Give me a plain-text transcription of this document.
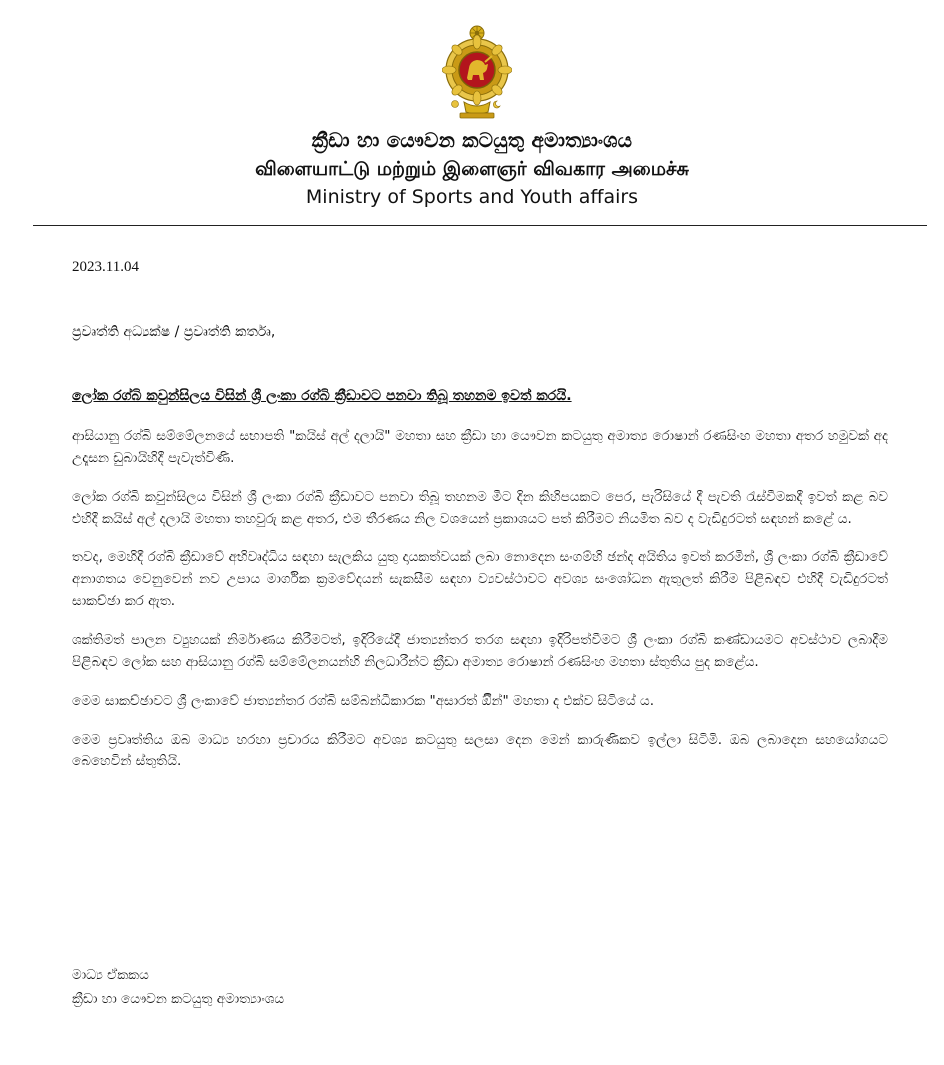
ක්‍රීඩා හා යෞවන කටයුතු අමාත්‍යාංශය
விளையாட்டு மற்றும் இளைஞர் விவகார அமைச்சு
Ministry of Sports and Youth affairs
2023.11.04
ප්‍රවෘත්ති අධ්‍යක්ෂ / ප්‍රවෘත්ති කර්තෘ,
ලෝක රග්බි කවුන්සිලය විසින් ශ්‍රී ලංකා රග්බි ක්‍රීඩාවට පනවා තිබූ තහනම ඉවත් කරයි.

ආසියානු රග්බි සම්මේලනයේ සභාපති "කයිස් අල් දලායි" මහතා සහ ක්‍රීඩා හා යෞවන කටයුතු අමාත්‍ය රොෂාන් රණසිංහ මහතා අතර හමුවක් අද උදෑසන ඩුබායිහිදී පැවැත්විණි.

ලෝක රග්බි කවුන්සිලය විසින් ශ්‍රී ලංකා රග්බි ක්‍රීඩාවට පනවා තිබූ තහනම මීට දින කිහිපයකට පෙර, පැරිසියේ දී පැවති රැස්වීමකදී ඉවත් කළ බව එහිදී කයිස් අල් දලායි මහතා තහවුරු කළ අතර, එම තීරණය නිල වශයෙන් ප්‍රකාශයට පත් කිරීමට නියමිත බව ද වැඩිදුරටත් සඳහන් කළේ ය.

තවද, මෙහිදී රග්බි ක්‍රීඩාවේ අභිවෘද්ධිය සඳහා සැලකිය යුතු දායකත්වයක් ලබා නොදෙන සංගම්හි ඡන්ද අයිතිය ඉවත් කරමින්, ශ්‍රී ලංකා රග්බි ක්‍රීඩාවේ අනාගතය වෙනුවෙන් නව උපාය මාර්ගික ක්‍රමවේදයන් සැකසීම සඳහා ව්‍යවස්ථාවට අවශ්‍ය සංශෝධන ඇතුලත් කිරීම පිළිබඳව එහිදී වැඩිදුරටත් සාකච්ඡා කර ඇත.

ශක්තිමත් පාලන ව්‍යුහයක් නිර්මාණය කිරීමටත්, ඉදිරියේදී ජාත්‍යන්තර තරග සඳහා ඉදිරිපත්වීමට ශ්‍රී ලංකා රග්බි කණ්ඩායමට අවස්ථාව ලබාදීම පිළිබඳව ලෝක සහ ආසියානු රග්බි සම්මේලනයන්හි නිලධාරීන්ට ක්‍රීඩා අමාත්‍ය රොෂාන් රණසිංහ මහතා ස්තුතිය පුද කළේය.

මෙම සාකච්ඡාවට ශ්‍රී ලංකාවේ ජාත්‍යන්තර රග්බි සම්බන්ධීකාරක "අසාරත් ඕීන්" මහතා ද එක්ව සිටියේ ය.

මෙම ප්‍රවෘත්තිය ඔබ මාධ්‍ය හරහා ප්‍රචාරය කිරීමට අවශ්‍ය කටයුතු සලසා දෙන මෙන් කාරුණිකව ඉල්ලා සිටිමි. ඔබ ලබාදෙන සහයෝගයට බෙහෙවින් ස්තුතියි.

මාධ්‍ය ඒකකය
ක්‍රීඩා හා යෞවන කටයුතු අමාත්‍යාංශය
